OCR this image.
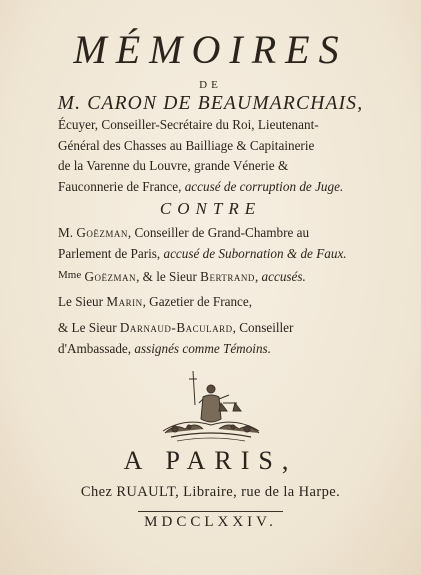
MÉMOIRES
DE
M. CARON DE BEAUMARCHAIS,
Écuyer, Conseiller-Secrétaire du Roi, Lieutenant-
Général des Chasses au Bailliage & Capitainerie
de la Varenne du Louvre, grande Vénerie &
Fauconnerie de France, accusé de corruption de Juge.
CONTRE
M. Goëzman, Conseiller de Grand-Chambre au
Parlement de Paris, accusé de Subornation & de Faux.
$^{Mme}$ Goëzman, & le Sieur Bertrand, accusés.
Le Sieur Marin, Gazetier de France,
& Le Sieur Darnaud-Baculard, Conseiller
d'Ambassade, assignés comme Témoins.
A PARIS,
Chez RUAULT, Libraire, rue de la Harpe.
MDCCLXXIV.
